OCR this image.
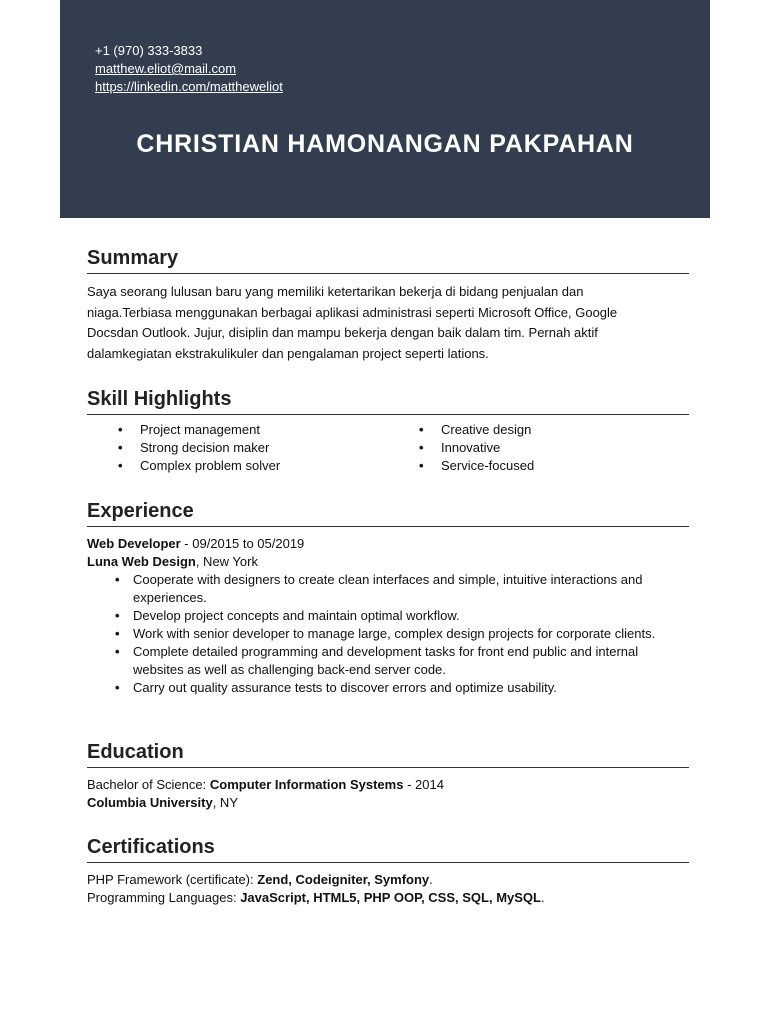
+1 (970) 333-3833
matthew.eliot@mail.com
https://linkedin.com/mattheweliot
CHRISTIAN HAMONANGAN PAKPAHAN
Summary
Saya seorang lulusan baru yang memiliki ketertarikan bekerja di bidang penjualan dan
niaga.Terbiasa menggunakan berbagai aplikasi administrasi seperti Microsoft Office, Google
Docsdan Outlook. Jujur, disiplin dan mampu bekerja dengan baik dalam tim. Pernah aktif
dalamkegiatan ekstrakulikuler dan pengalaman project seperti lations.
Skill Highlights
• Project management
• Strong decision maker
• Complex problem solver
• Creative design
• Innovative
• Service-focused
Experience
Web Developer - 09/2015 to 05/2019
Luna Web Design, New York
• Cooperate with designers to create clean interfaces and simple, intuitive interactions and experiences.
• Develop project concepts and maintain optimal workflow.
• Work with senior developer to manage large, complex design projects for corporate clients.
• Complete detailed programming and development tasks for front end public and internal websites as well as challenging back-end server code.
• Carry out quality assurance tests to discover errors and optimize usability.
Education
Bachelor of Science: Computer Information Systems - 2014
Columbia University, NY
Certifications
PHP Framework (certificate): Zend, Codeigniter, Symfony.
Programming Languages: JavaScript, HTML5, PHP OOP, CSS, SQL, MySQL.
